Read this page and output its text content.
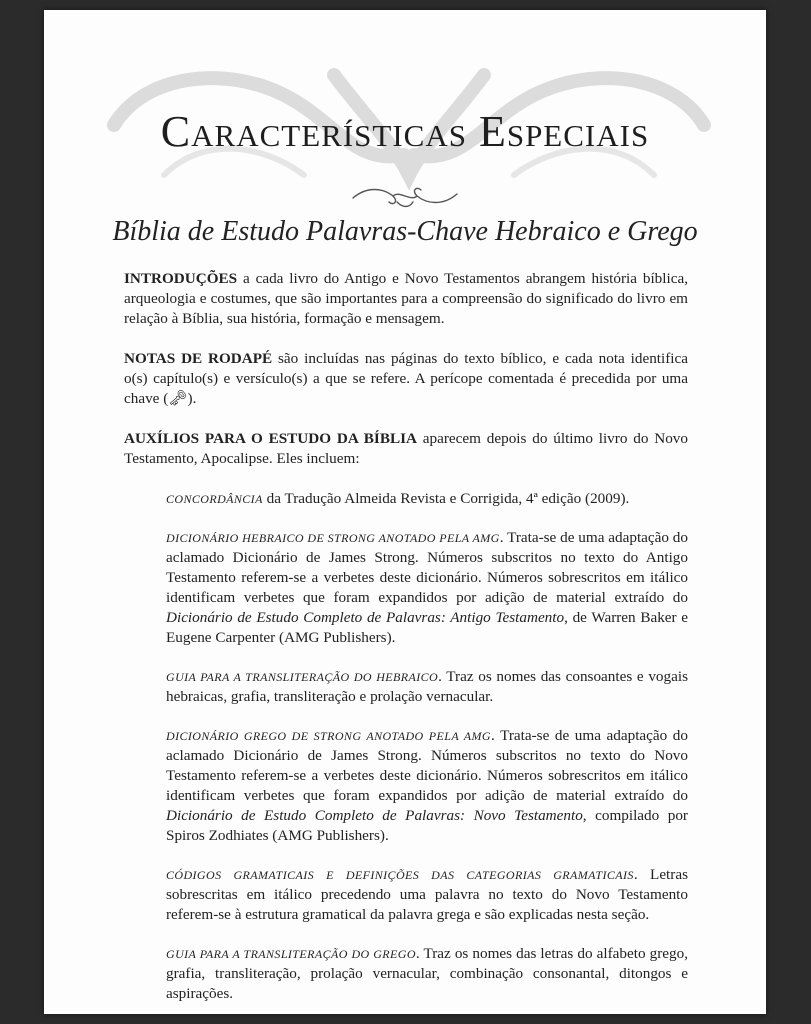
Características Especiais
Bíblia de Estudo Palavras-Chave Hebraico e Grego

INTRODUÇÕES a cada livro do Antigo e Novo Testamentos abrangem história bíblica, arqueologia e costumes, que são importantes para a compreensão do significado do livro em relação à Bíblia, sua história, formação e mensagem.

NOTAS DE RODAPÉ são incluídas nas páginas do texto bíblico, e cada nota identifica o(s) capítulo(s) e versículo(s) a que se refere. A perícope comentada é precedida por uma chave (🗝).

AUXÍLIOS PARA O ESTUDO DA BÍBLIA aparecem depois do último livro do Novo Testamento, Apocalipse. Eles incluem:

CONCORDÂNCIA da Tradução Almeida Revista e Corrigida, 4ª edição (2009).

DICIONÁRIO HEBRAICO DE STRONG ANOTADO PELA AMG. Trata-se de uma adaptação do aclamado Dicionário de James Strong. Números subscritos no texto do Antigo Testamento referem-se a verbetes deste dicionário. Números sobrescritos em itálico identificam verbetes que foram expandidos por adição de material extraído do Dicionário de Estudo Completo de Palavras: Antigo Testamento, de Warren Baker e Eugene Carpenter (AMG Publishers).

GUIA PARA A TRANSLITERAÇÃO DO HEBRAICO. Traz os nomes das consoantes e vogais hebraicas, grafia, transliteração e prolação vernacular.

DICIONÁRIO GREGO DE STRONG ANOTADO PELA AMG. Trata-se de uma adaptação do aclamado Dicionário de James Strong. Números subscritos no texto do Novo Testamento referem-se a verbetes deste dicionário. Números sobrescritos em itálico identificam verbetes que foram expandidos por adição de material extraído do Dicionário de Estudo Completo de Palavras: Novo Testamento, compilado por Spiros Zodhiates (AMG Publishers).

CÓDIGOS GRAMATICAIS E DEFINIÇÕES DAS CATEGORIAS GRAMATICAIS. Letras sobrescritas em itálico precedendo uma palavra no texto do Novo Testamento referem-se à estrutura gramatical da palavra grega e são explicadas nesta seção.

GUIA PARA A TRANSLITERAÇÃO DO GREGO. Traz os nomes das letras do alfabeto grego, grafia, transliteração, prolação vernacular, combinação consonantal, ditongos e aspirações.
